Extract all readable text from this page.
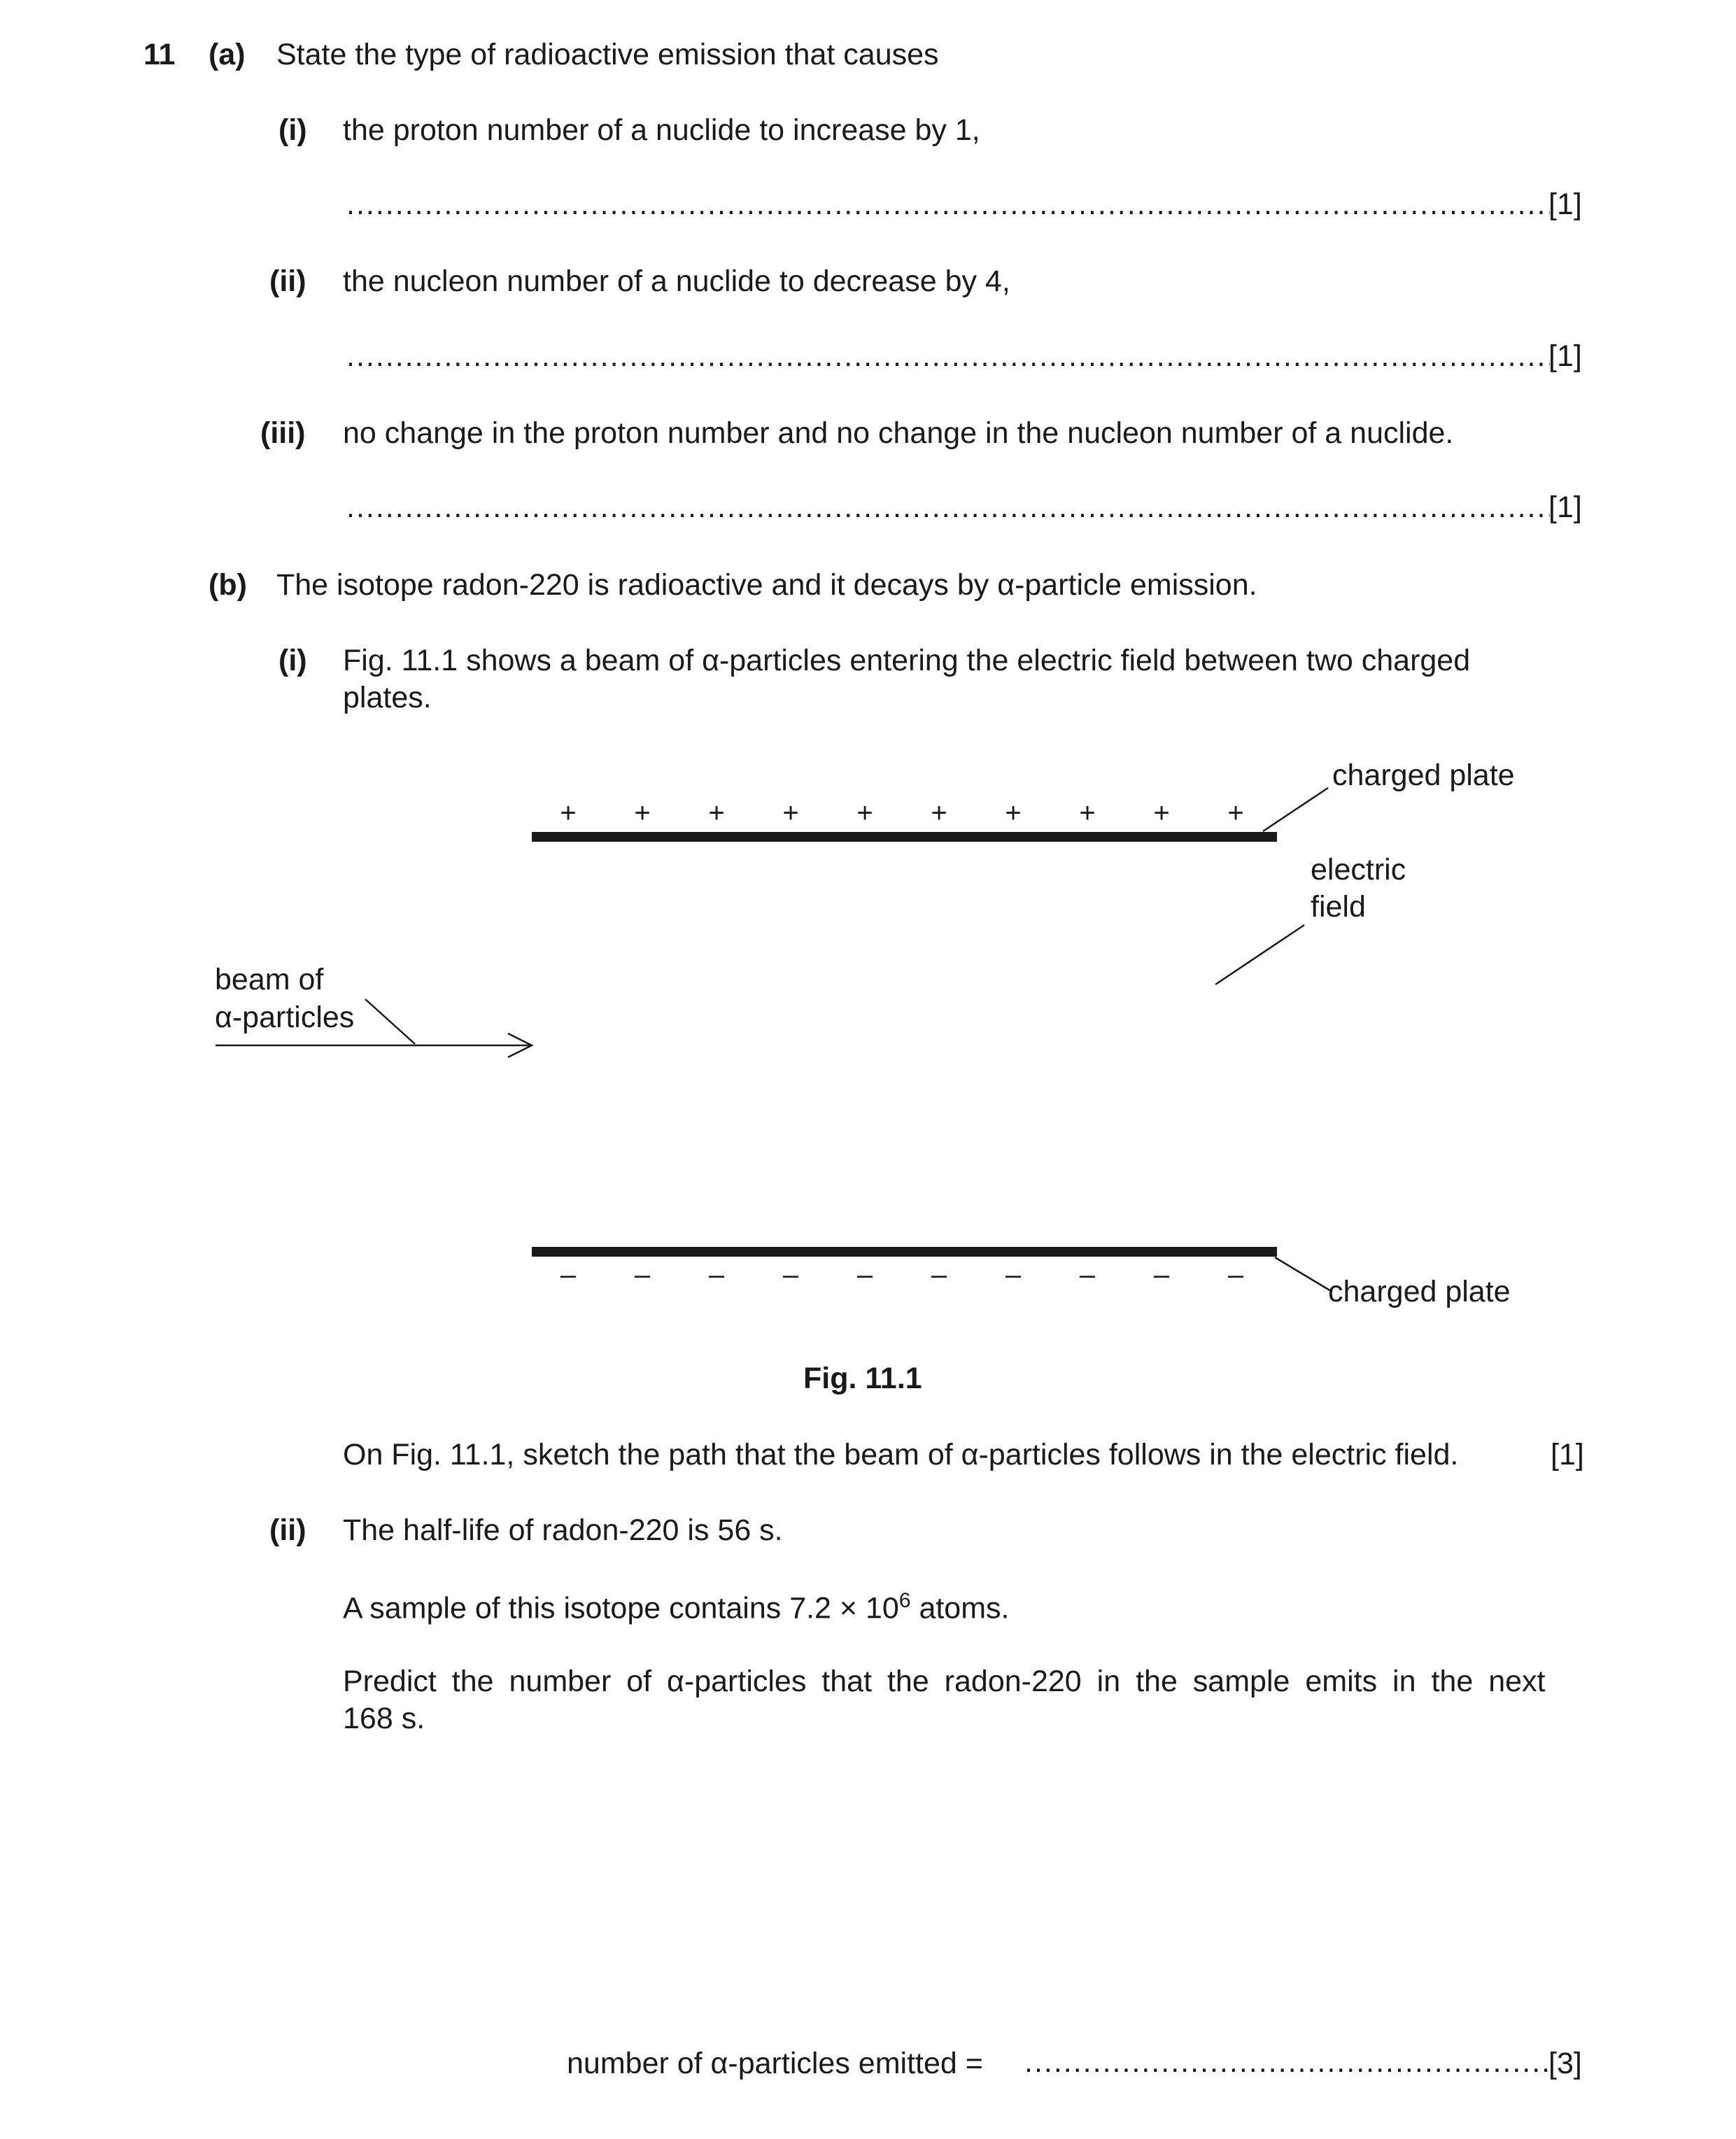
11 (a) State the type of radioactive emission that causes
(i) the proton number of a nuclide to increase by 1,
.....
[1]
(ii) the nucleon number of a nuclide to decrease by 4,
.....
[1]
(iii) no change in the proton number and no change in the nucleon number of a nuclide.
.....
[1]
(b) The isotope radon-220 is radioactive and it decays by α-particle emission.
(i) Fig. 11.1 shows a beam of α-particles entering the electric field between two charged
plates.
+ + + + + + + + + +
– – – – – – – – – –
charged plate
electric
field
beam of
α-particles
charged plate
Fig. 11.1
On Fig. 11.1, sketch the path that the beam of α-particles follows in the electric field.	[1]
(ii) The half-life of radon-220 is 56 s.
A sample of this isotope contains $7.2 \times 10^6$ atoms.
Predict the number of α-particles that the radon-220 in the sample emits in the next
168 s.
number of α-particles emitted =
.....	[3]
